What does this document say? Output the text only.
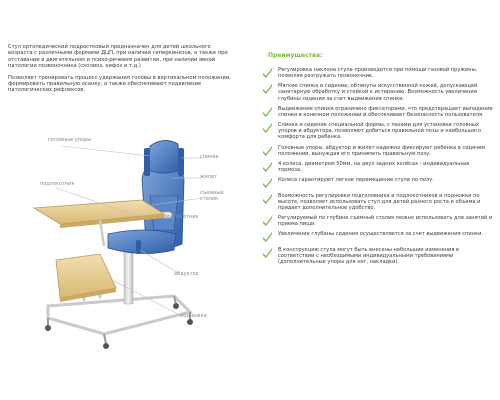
Стул ортопедический подростковый предназначен для детей школьного возраста с различными формами ДЦП, при наличии гиперкинезов, а также при отставании в двигательном и психо-речевом развитии, при наличии явной патологии позвоночника (сколиоз, кифоз и т.д.)

Позволяет тренировать процесс удержания головы в вертикальном положении, формировать правильную осанку, а также обеспечивают подавление патологических рефлексов.

головные упоры
подлокотник
спинка
жилет
съемный столик
подлокотник
абдуктор
подножка
Преимущества:
Регулировка наклона стула производится при помощи газовой пружины, позволяя разгружать позвоночник.
Мягкие спинка и сидение, обтянуты искусственной кожей, допускающей санитарную обработку и стойкой к истиранию. Возможность увеличения глубины сидения за счет выдвижения спинки.
Выдвижение спинки ограничено фиксаторами, что предотвращает выпадение спинки в конечном положении и обеспечивает безопасность пользователя.
Спинка и сидение специальной формы, с пазами для установки головных упоров и абдуктора, позволяют добиться правильной позы и наибольшего комфорта для ребенка.
Головные упоры, абдуктор и жилет надежно фиксируют ребенка в сидячем положении, вынуждая его принимать правильную позу.
4 колеса, диаметром 50мм, на двух задних колёсах - индивидуальные тормоза.
Колеса гарантируют легкое перемещение стула по полу.
Возможность регулировки подголовника и подлокотников и подножки по высоте, позволяет использовать стул для детей разного роста и объема и придает дополнительное удобство.
Регулируемый по глубине съемный столик можно использовать для занятий и приема пищи.
Увеличение глубины сидения осуществляется за счет выдвижения спинки.
В конструкцию стула могут быть внесены небольшие изменения в соответствии с необходимыми индивидуальными требованиями (дополнительные упоры для ног, накладки).
